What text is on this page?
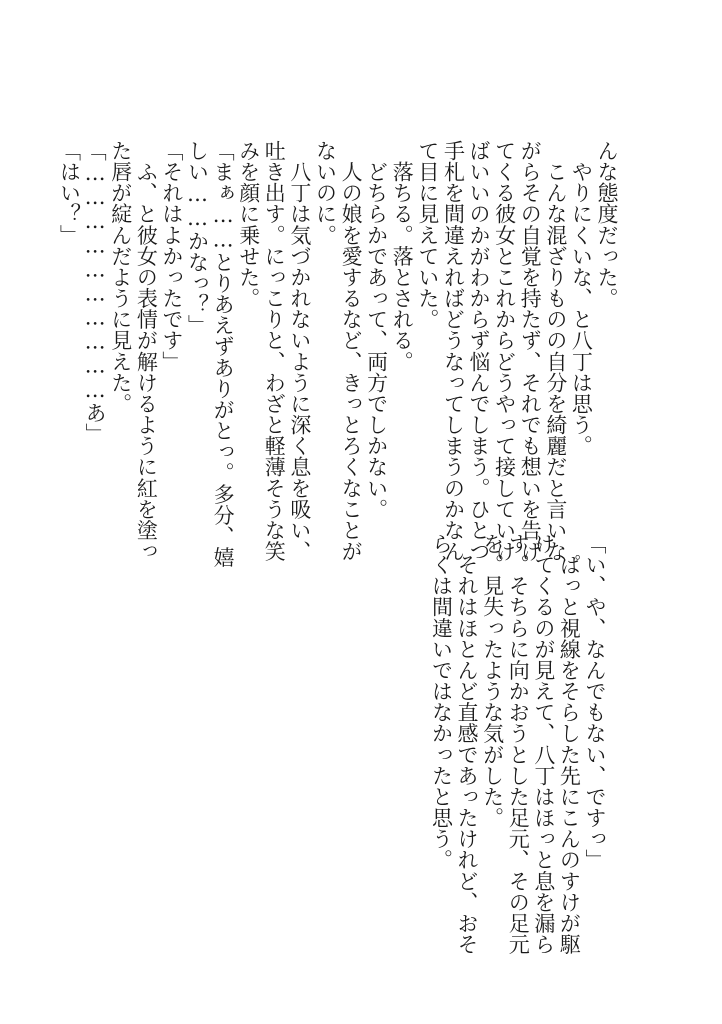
「い、や、なんでもない、ですっ」
　ぱっと視線をそらした先にこんのすけが駆
けてくるのが見えて、八丁はほっと息を漏ら
す。そちらに向かおうとした足元、その足元
を。見失ったような気がした。
　それはほとんど直感であったけれど、おそ
らくは間違いではなかったと思う。
んな態度だった。
　やりにくいな、と八丁は思う。
　こんな混ざりものの自分を綺麗だと言いな
がらその自覚を持たず、それでも想いを告げ
てくる彼女とこれからどうやって接していけ
ばいいのかがわからず悩んでしまう。ひとつ
手札を間違えればどうなってしまうのかなん
て目に見えていた。
　落ちる。落とされる。
　どちらかであって、両方でしかない。
　人の娘を愛するなど、きっとろくなことが
ないのに。
　八丁は気づかれないように深く息を吸い、
吐き出す。にっこりと、わざと軽薄そうな笑
みを顔に乗せた。
「まぁ……とりあえずありがとっ。多分、嬉
しい……かなっ？」
「それはよかったです」
　ふ、と彼女の表情が解けるように紅を塗っ
た唇が綻んだように見えた。
「…………………………あ」
「はい？」
